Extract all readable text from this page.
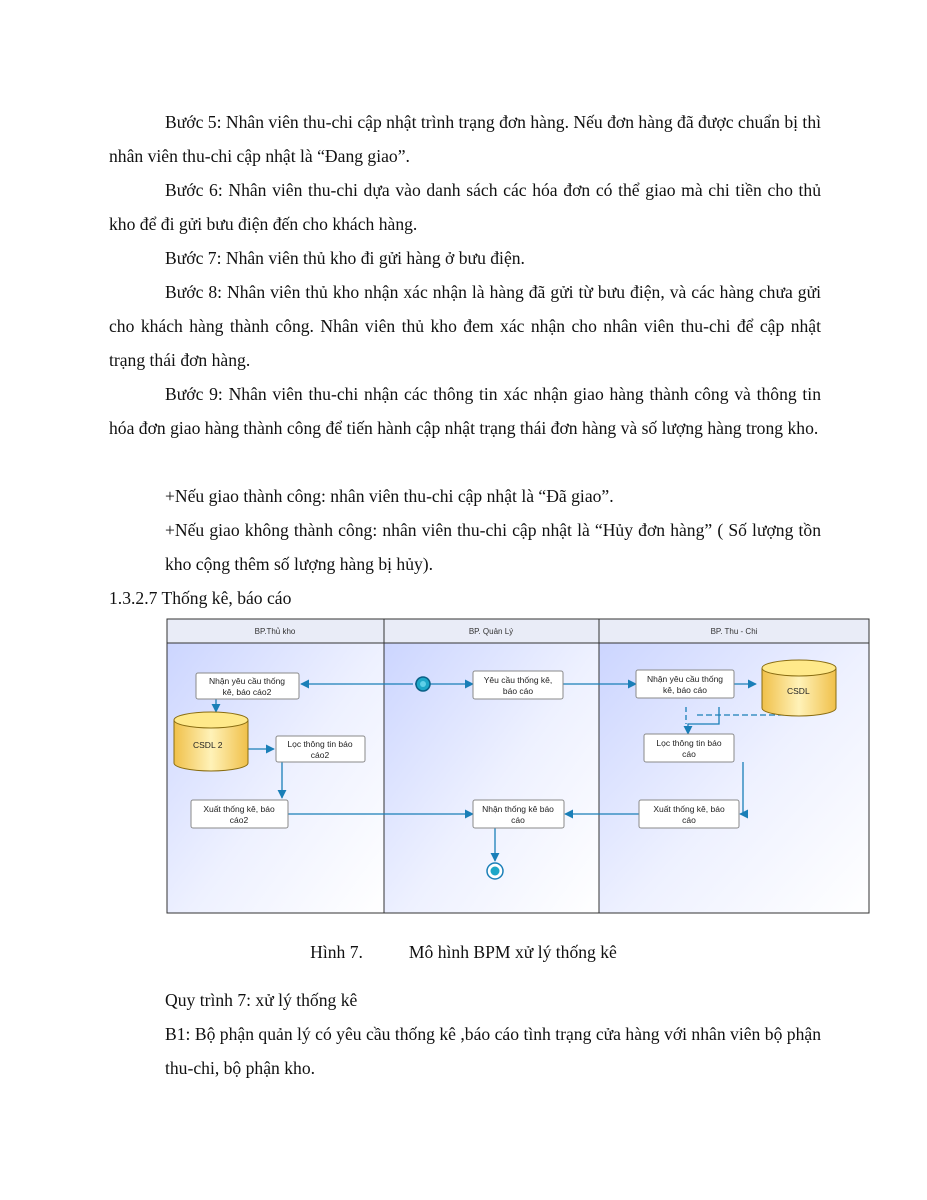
Bước 5: Nhân viên thu-chi cập nhật trình trạng đơn hàng. Nếu đơn hàng đã được chuẩn bị thì nhân viên thu-chi cập nhật là “Đang giao”.

Bước 6: Nhân viên thu-chi dựa vào danh sách các hóa đơn có thể giao mà chi tiền cho thủ kho để đi gửi bưu điện đến cho khách hàng.

Bước 7: Nhân viên thủ kho đi gửi hàng ở bưu điện.

Bước 8: Nhân viên thủ kho nhận xác nhận là hàng đã gửi từ bưu điện, và các hàng chưa gửi cho khách hàng thành công. Nhân viên thủ kho đem xác nhận cho nhân viên thu-chi để cập nhật trạng thái đơn hàng.

Bước 9: Nhân viên thu-chi nhận các thông tin xác nhận giao hàng thành công và thông tin hóa đơn giao hàng thành công để tiến hành cập nhật trạng thái đơn hàng và số lượng hàng trong kho.

+Nếu giao thành công: nhân viên thu-chi cập nhật là “Đã giao”.

+Nếu giao không thành công: nhân viên thu-chi cập nhật là “Hủy đơn hàng” ( Số lượng tồn kho cộng thêm số lượng hàng bị hủy).

1.3.2.7 Thống kê, báo cáo

BP.Thủ kho	BP. Quản Lý	BP. Thu - Chi
Nhận yêu cầu thống
kê, báo cáo2
CSDL 2	Lọc thông tin báo
cáo2
Xuất thống kê, báo
cáo2
Yêu cầu thống kê,
báo cáo
Nhận thống kê báo
cáo
Nhận yêu cầu thống
kê, báo cáo	CSDL
Lọc thông tin báo
cáo
Xuất thống kê, báo
cáo
Hình 7.	Mô hình BPM xử lý thống kê

Quy trình 7: xử lý thống kê

B1: Bộ phận quản lý có yêu cầu thống kê ,báo cáo tình trạng cửa hàng với nhân viên bộ phận thu-chi, bộ phận kho.
